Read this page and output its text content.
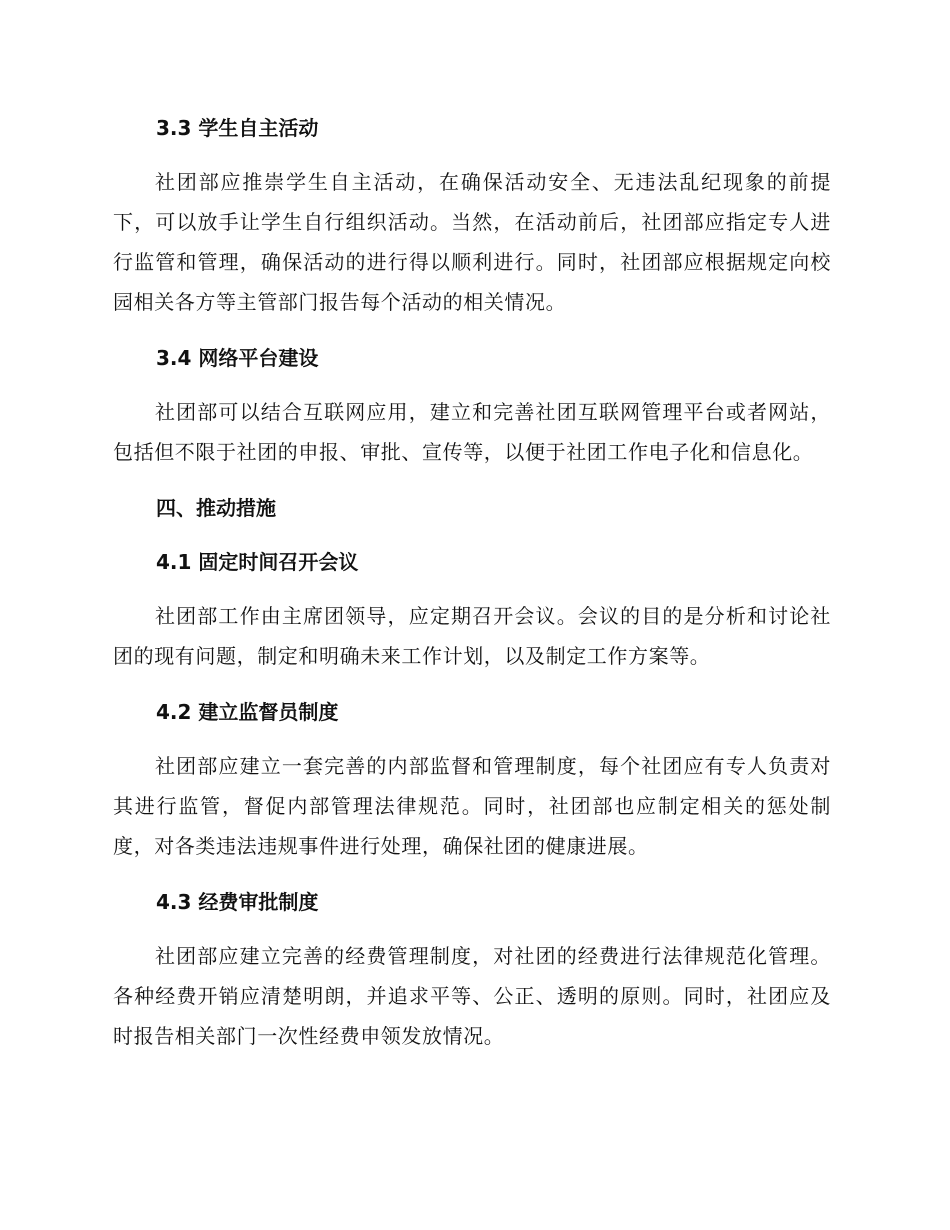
3.3 学生自主活动

社团部应推崇学生自主活动，在确保活动安全、无违法乱纪现象的前提下，可以放手让学生自行组织活动。当然，在活动前后，社团部应指定专人进行监管和管理，确保活动的进行得以顺利进行。同时，社团部应根据规定向校园相关各方等主管部门报告每个活动的相关情况。

3.4 网络平台建设

社团部可以结合互联网应用，建立和完善社团互联网管理平台或者网站，包括但不限于社团的申报、审批、宣传等，以便于社团工作电子化和信息化。

四、推动措施
4.1 固定时间召开会议

社团部工作由主席团领导，应定期召开会议。会议的目的是分析和讨论社团的现有问题，制定和明确未来工作计划，以及制定工作方案等。

4.2 建立监督员制度

社团部应建立一套完善的内部监督和管理制度，每个社团应有专人负责对其进行监管，督促内部管理法律规范。同时，社团部也应制定相关的惩处制度，对各类违法违规事件进行处理，确保社团的健康进展。

4.3 经费审批制度

社团部应建立完善的经费管理制度，对社团的经费进行法律规范化管理。各种经费开销应清楚明朗，并追求平等、公正、透明的原则。同时，社团应及时报告相关部门一次性经费申领发放情况。
